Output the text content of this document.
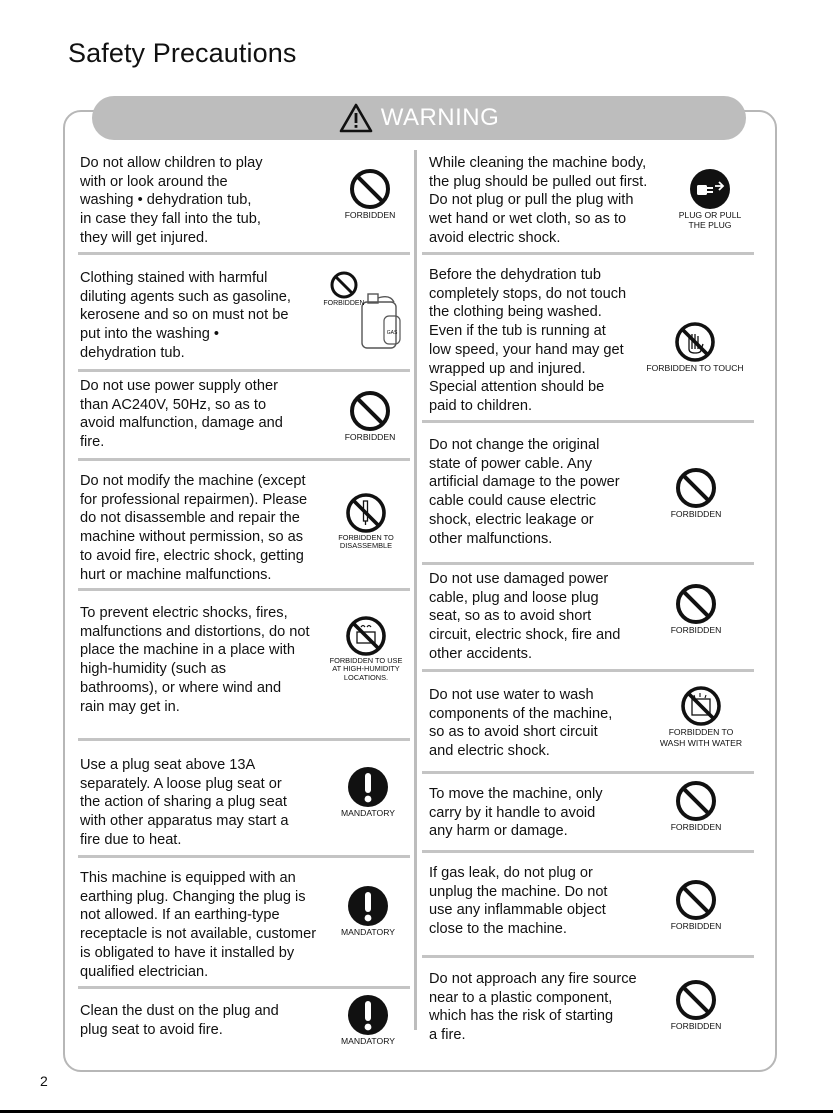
Safety Precautions
WARNING

Do not allow children to play
with or look around the
washing • dehydration tub,
in case they fall into the tub,
they will get injured.

FORBIDDEN

Clothing stained with harmful
diluting agents such as gasoline,
kerosene and so on must not be
put into the washing •
dehydration tub.

GAS
FORBIDDEN

Do not use power supply other
than AC240V, 50Hz, so as to
avoid malfunction, damage and
fire.	FORBIDDEN

Do not modify the machine (except
for professional repairmen). Please
do not disassemble and repair the
machine without permission, so as
to avoid fire, electric shock, getting
hurt or machine malfunctions.

FORBIDDEN TO
DISASSEMBLE

To prevent electric shocks, fires,
malfunctions and distortions, do not
place the machine in a place with
high-humidity (such as
bathrooms), or where wind and
rain may get in.

FORBIDDEN TO USE
AT HIGH-HUMIDITY
LOCATIONS.

Use a plug seat above 13A
separately. A loose plug seat or
the action of sharing a plug seat
with other apparatus may start a
fire due to heat.

MANDATORY

This machine is equipped with an
earthing plug. Changing the plug is
not allowed. If an earthing-type
receptacle is not available, customer
is obligated to have it installed by
qualified electrician.

MANDATORY

Clean the dust on the plug and
plug seat to avoid fire.

MANDATORY

While cleaning the machine body,
the plug should be pulled out first.
Do not plug or pull the plug with
wet hand or wet cloth, so as to
avoid electric shock.

PLUG OR PULL
THE PLUG

Before the dehydration tub
completely stops, do not touch
the clothing being washed.
Even if the tub is running at
low speed, your hand may get
wrapped up and injured.
Special attention should be
paid to children.

FORBIDDEN TO TOUCH

Do not change the original
state of power cable. Any
artificial damage to the power
cable could cause electric
shock, electric leakage or
other malfunctions.

FORBIDDEN

Do not use damaged power
cable, plug and loose plug
seat, so as to avoid short
circuit, electric shock, fire and
other accidents.

FORBIDDEN

Do not use water to wash
components of the machine,
so as to avoid short circuit
and electric shock.

FORBIDDEN TO
WASH WITH WATER

To move the machine, only
carry by it handle to avoid
any harm or damage.	FORBIDDEN

If gas leak, do not plug or
unplug the machine. Do not
use any inflammable object
close to the machine.	FORBIDDEN

Do not approach any fire source
near to a plastic component,
which has the risk of starting
a fire.

FORBIDDEN
2
